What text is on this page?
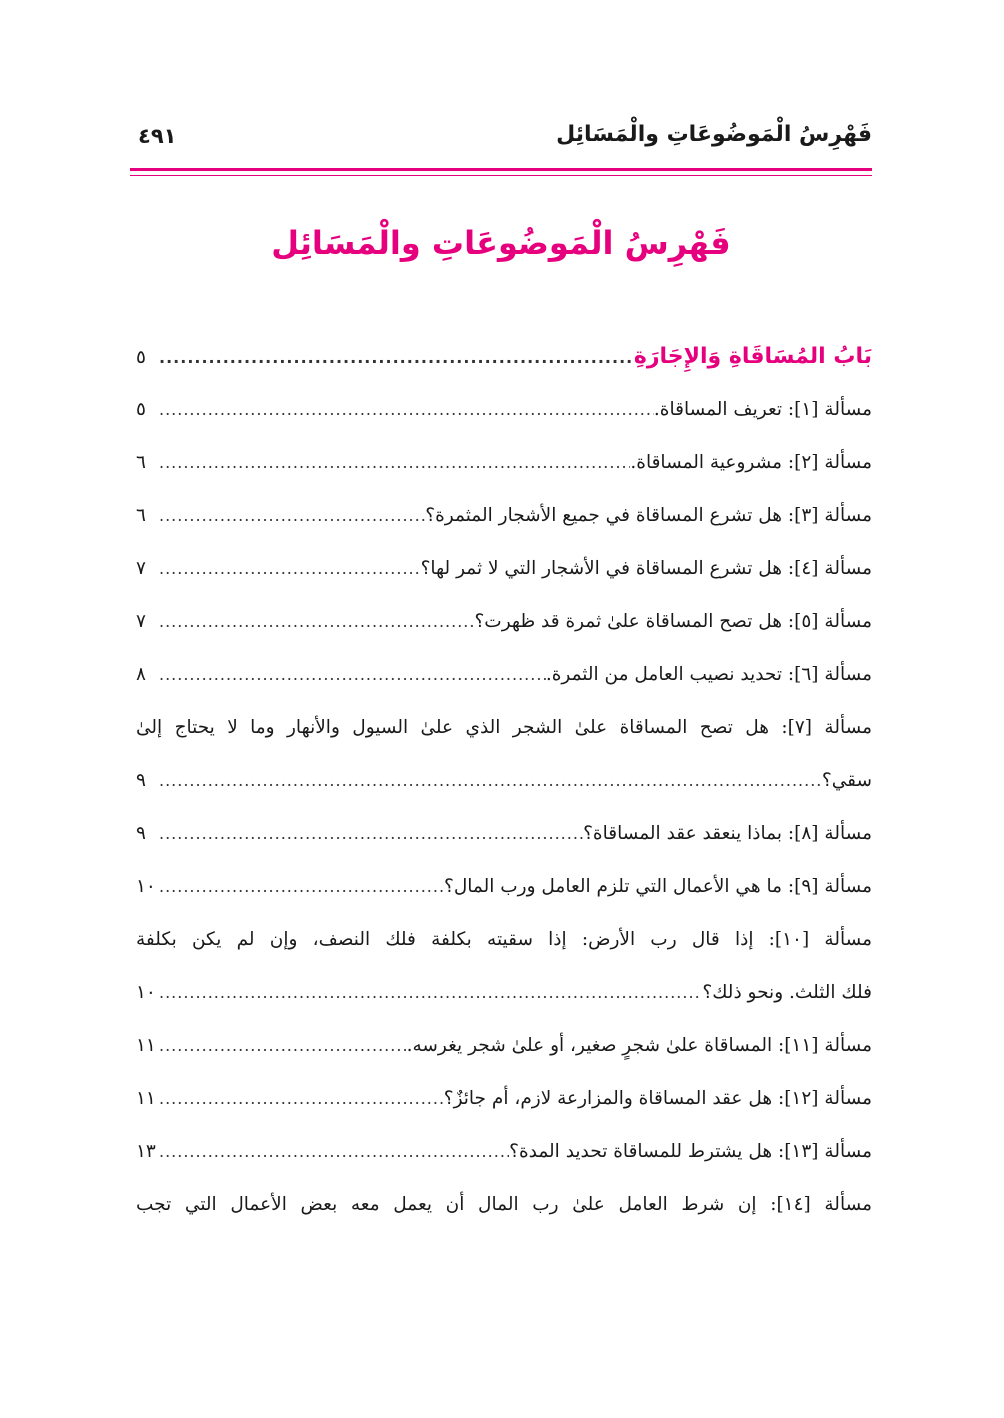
فَهْرِسُ الْمَوضُوعَاتِ والْمَسَائِل
٤٩١
فَهْرِسُ الْمَوضُوعَاتِ والْمَسَائِل
بَابُ المُسَاقَاةِ وَالإِجَارَةِ
.....
٥
مسألة [١]: تعريف المساقاة.
.....
٥
مسألة [٢]: مشروعية المساقاة.
.....
٦
مسألة [٣]: هل تشرع المساقاة في جميع الأشجار المثمرة؟
.....
٦
مسألة [٤]: هل تشرع المساقاة في الأشجار التي لا ثمر لها؟
.....
٧
مسألة [٥]: هل تصح المساقاة علىٰ ثمرة قد ظهرت؟
.....
٧
مسألة [٦]: تحديد نصيب العامل من الثمرة.
.....
٨
مسألة [٧]: هل تصح المساقاة علىٰ الشجر الذي علىٰ السيول والأنهار وما لا يحتاج إلىٰ
سقي؟
.....
٩
مسألة [٨]: بماذا ينعقد عقد المساقاة؟
.....
٩
مسألة [٩]: ما هي الأعمال التي تلزم العامل ورب المال؟
.....
١٠
مسألة [١٠]: إذا قال رب الأرض: إذا سقيته بكلفة فلك النصف، وإن لم يكن بكلفة
فلك الثلث. ونحو ذلك؟
.....
١٠
مسألة [١١]: المساقاة علىٰ شجرٍ صغير، أو علىٰ شجر يغرسه.
.....
١١
مسألة [١٢]: هل عقد المساقاة والمزارعة لازم، أم جائزٌ؟
.....
١١
مسألة [١٣]: هل يشترط للمساقاة تحديد المدة؟
.....
١٣
مسألة [١٤]: إن شرط العامل علىٰ رب المال أن يعمل معه بعض الأعمال التي تجب
